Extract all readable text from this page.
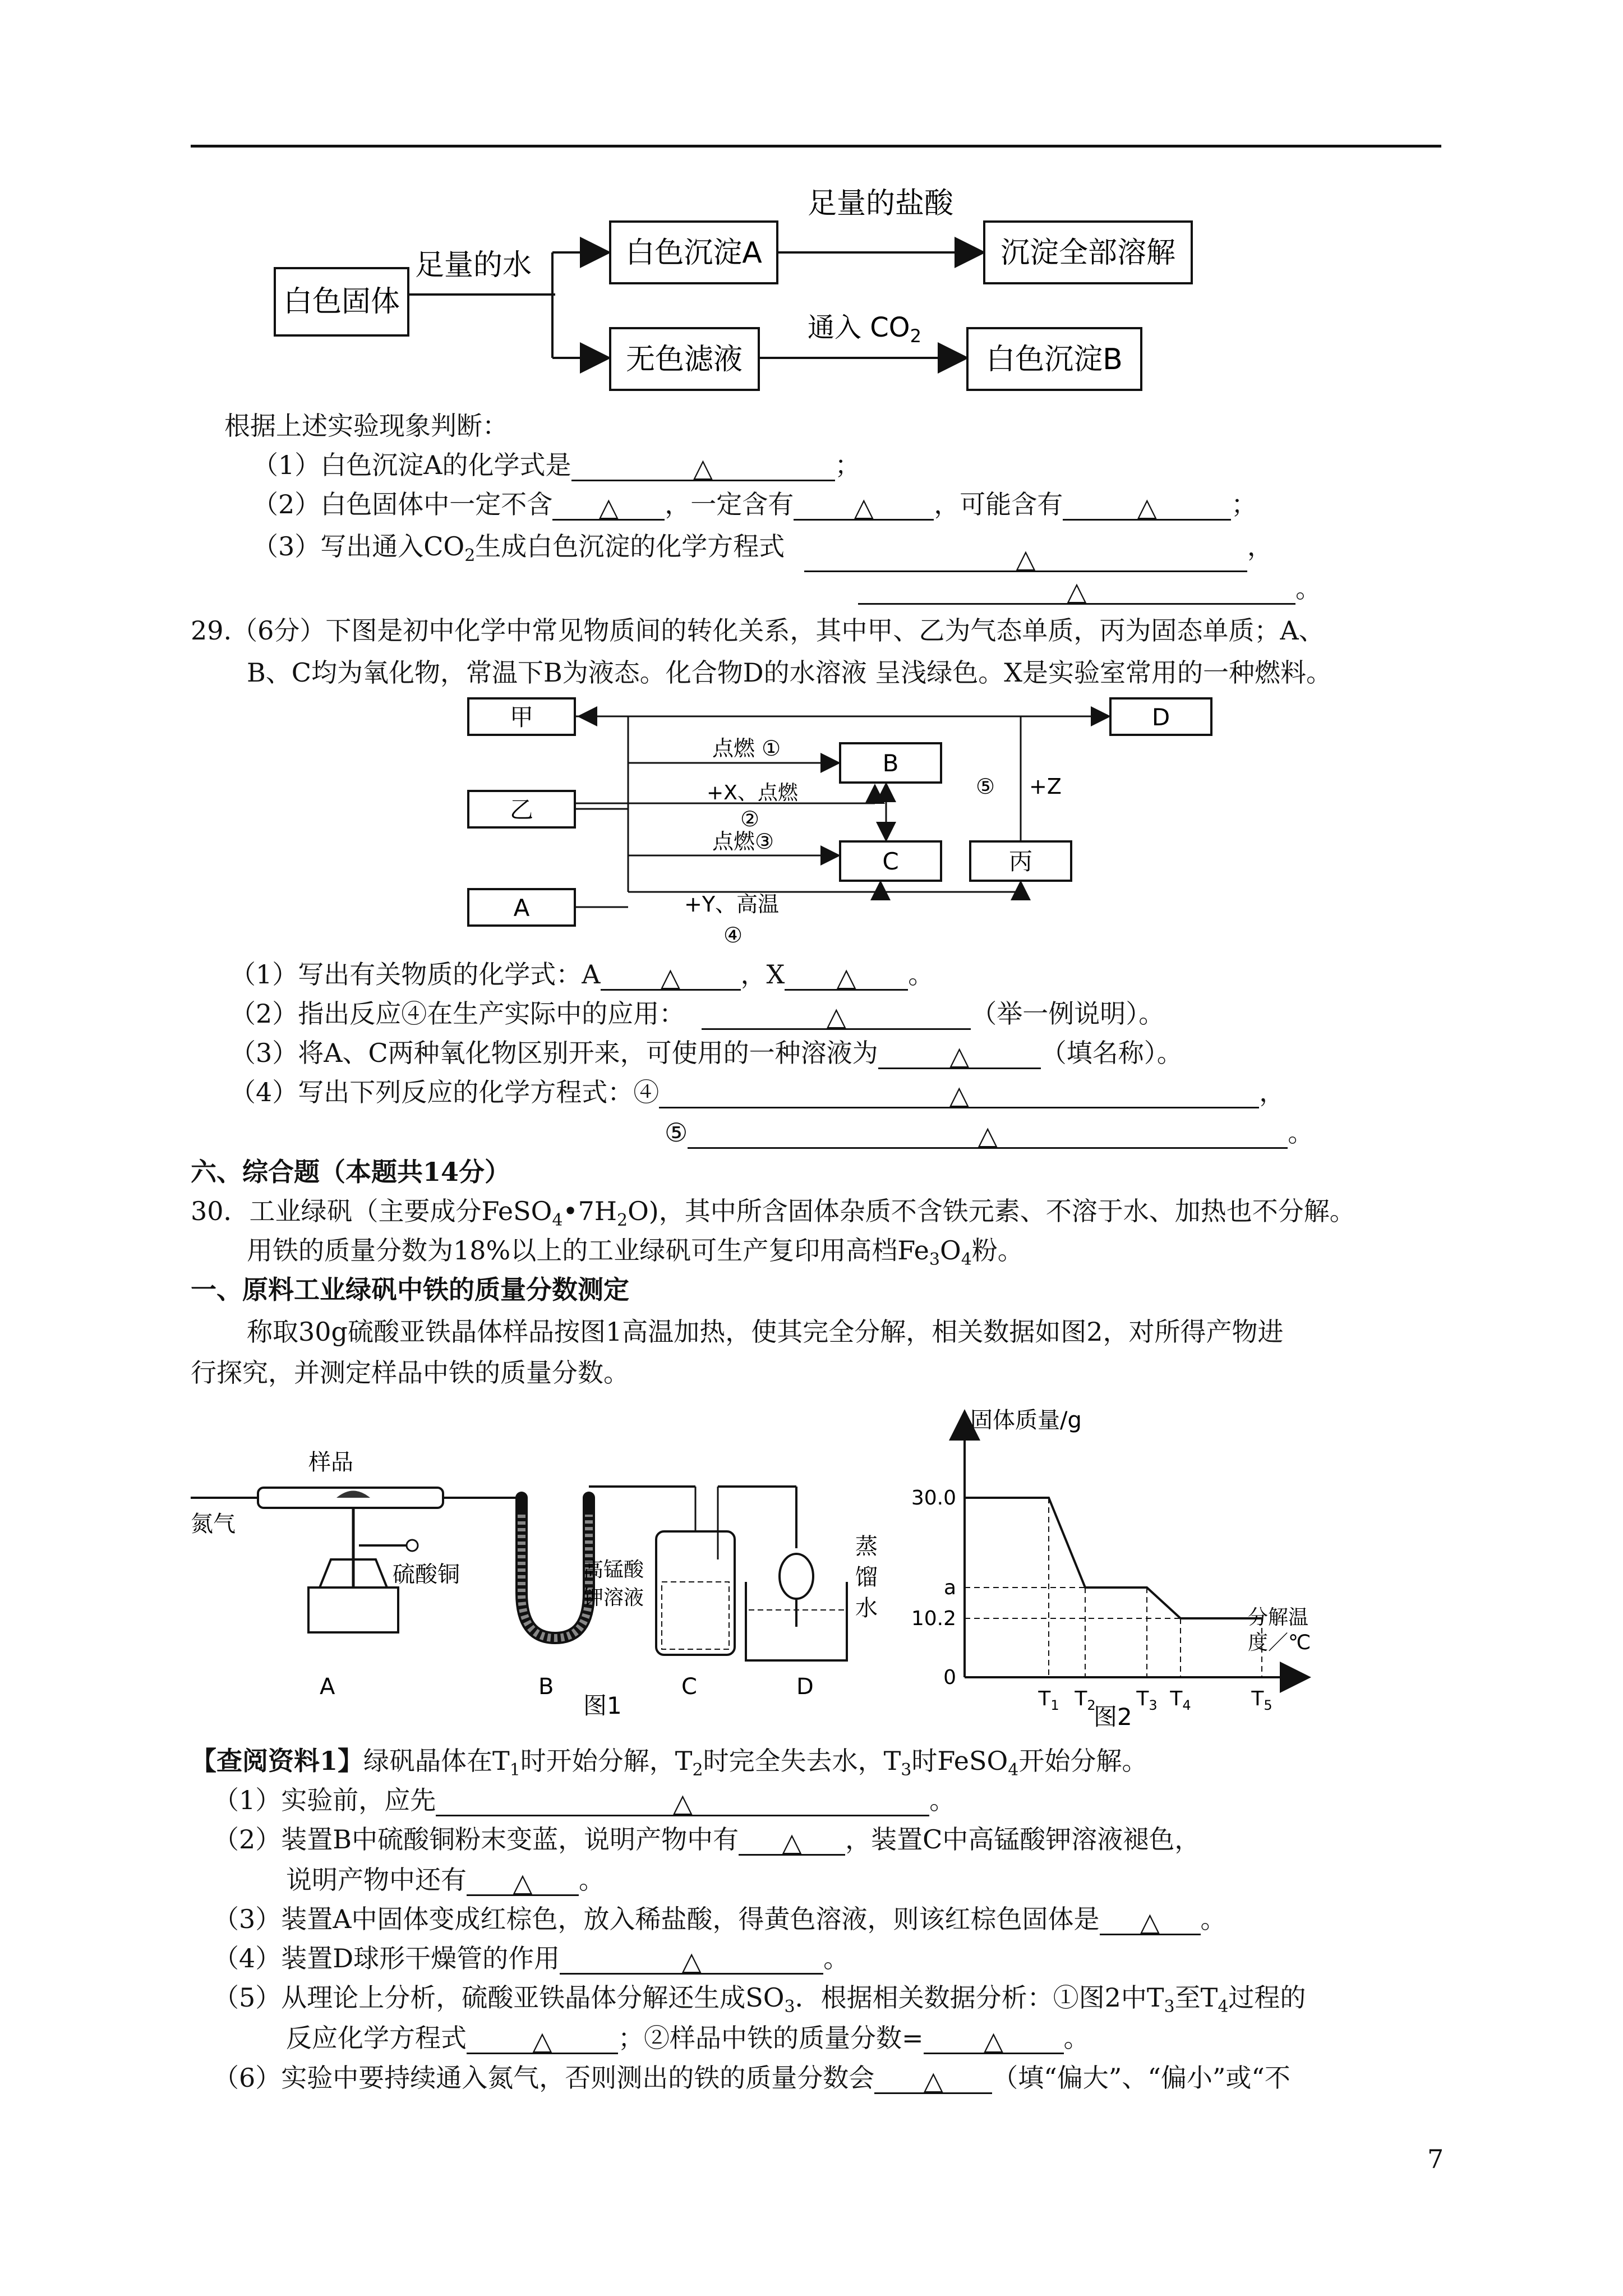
白色固体
足量的水	白色沉淀A
足量的盐酸
沉淀全部溶解
无色滤液
通入 $CO_2$
白色沉淀B
根据上述实验现象判断：
（1）白色沉淀A的化学式是	△	；
（2）白色固体中一定不含 △ ，一定含有 △ ，可能含有	△	；
（3）写出通入$CO_2$生成白色沉淀的化学方程式	△	，
△	。
29.（6分）下图是初中化学中常见物质间的转化关系，其中甲、乙为气态单质，丙为固态单质；A、
B、C均为氧化物，常温下B为液态。化合物D的水溶液 呈浅绿色。X是实验室常用的一种燃料。
甲
乙
A
B
C	丙
D
⑤ +Z
点燃 ①
+X、点燃
②
点燃③
+Y、高温
④
（1）写出有关物质的化学式：A △ ，X △ 。
（2）指出反应④在生产实际中的应用：	△	（举一例说明）。
（3）将A、C两种氧化物区别开来，可使用的一种溶液为	△	（填名称）。
（4）写出下列反应的化学方程式：④	△	，
⑤	△	。
六、综合题（本题共14分）
30．工业绿矾（主要成分$FeSO_4•7H_2O$)，其中所含固体杂质不含铁元素、不溶于水、加热也不分解。
用铁的质量分数为18%以上的工业绿矾可生产复印用高档$Fe_3O_4$粉。
一、原料工业绿矾中铁的质量分数测定
称取30g硫酸亚铁晶体样品按图1高温加热，使其完全分解，相关数据如图2，对所得产物进
行探究，并测定样品中铁的质量分数。
样品
氮气
A
硫酸铜
B
高锰酸
钾溶液
C
蒸
馏
水
D
图1
固体质量/g
30.0
a
10.2
0
$T_1$ $T_2$ $T_3$ $T_4$	$T_5$
分解温
度／℃
图2
【查阅资料1】绿矾晶体在$T_1$时开始分解，$T_2$时完全失去水，$T_3$时FeSO$_4$开始分解。
（1）实验前，应先	△	。
（2）装置B中硫酸铜粉末变蓝，说明产物中有 △ ，装置C中高锰酸钾溶液褪色，
说明产物中还有 △ 。
（3）装置A中固体变成红棕色，放入稀盐酸，得黄色溶液，则该红棕色固体是 △ 。
（4）装置D球形干燥管的作用	△	。
（5）从理论上分析，硫酸亚铁晶体分解还生成$SO_3$．根据相关数据分析：①图2中$T_3$至$T_4$过程的
反应化学方程式	△	；②样品中铁的质量分数= △ 。
（6）实验中要持续通入氮气，否则测出的铁的质量分数会 △ （填“偏大”、“偏小”或“不
7
